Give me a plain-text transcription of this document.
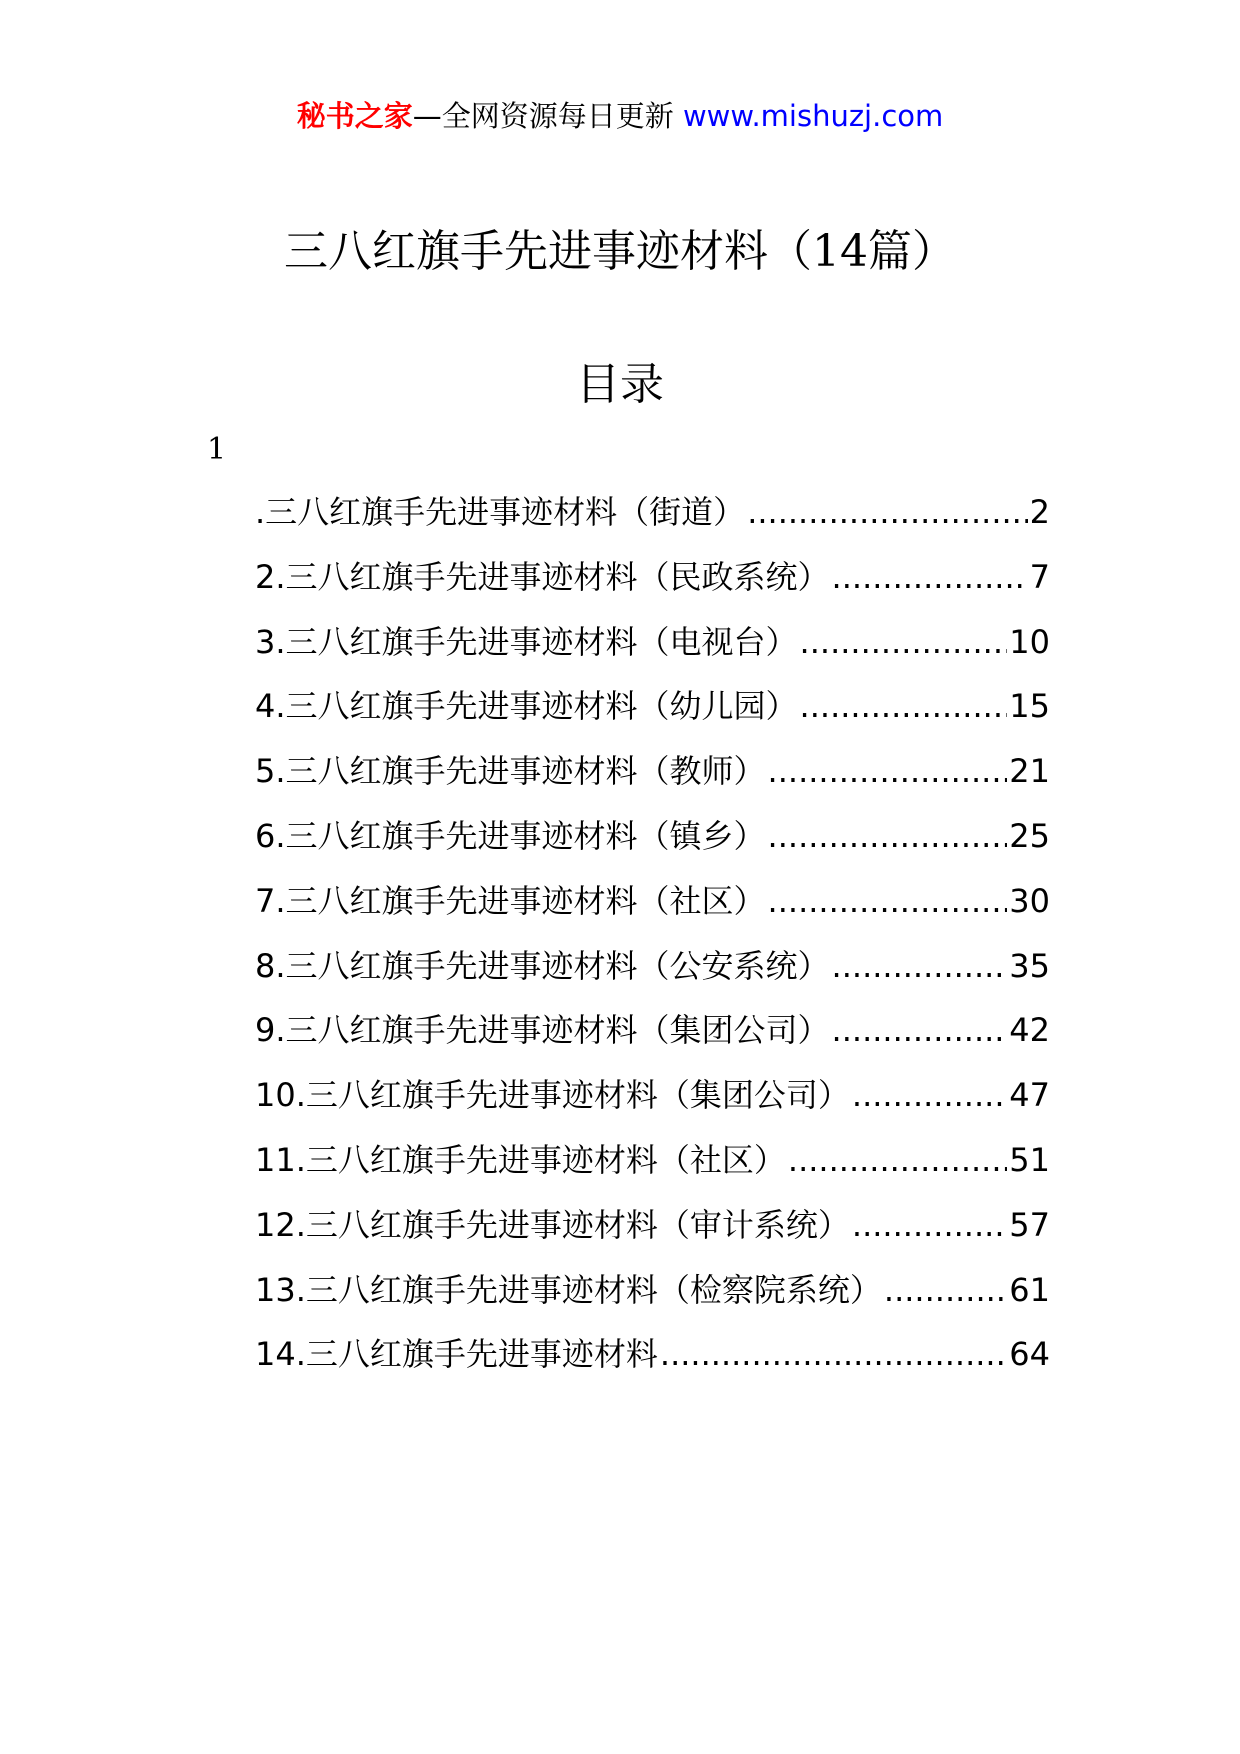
秘书之家—全网资源每日更新 www.mishuzj.com
三八红旗手先进事迹材料（14篇）
目录
1
.三八红旗手先进事迹材料（街道） .....	2
2.三八红旗手先进事迹材料（民政系统） .....	7
3.三八红旗手先进事迹材料（电视台） .....	10
4.三八红旗手先进事迹材料（幼儿园） .....	15
5.三八红旗手先进事迹材料（教师） .....	21
6.三八红旗手先进事迹材料（镇乡） .....	25
7.三八红旗手先进事迹材料（社区） .....	30
8.三八红旗手先进事迹材料（公安系统） .....	35
9.三八红旗手先进事迹材料（集团公司） .....	42
10.三八红旗手先进事迹材料（集团公司） .....	47
11.三八红旗手先进事迹材料（社区） .....	51
12.三八红旗手先进事迹材料（审计系统） .....	57
13.三八红旗手先进事迹材料（检察院系统） .....	61
14.三八红旗手先进事迹材料 .....	64
